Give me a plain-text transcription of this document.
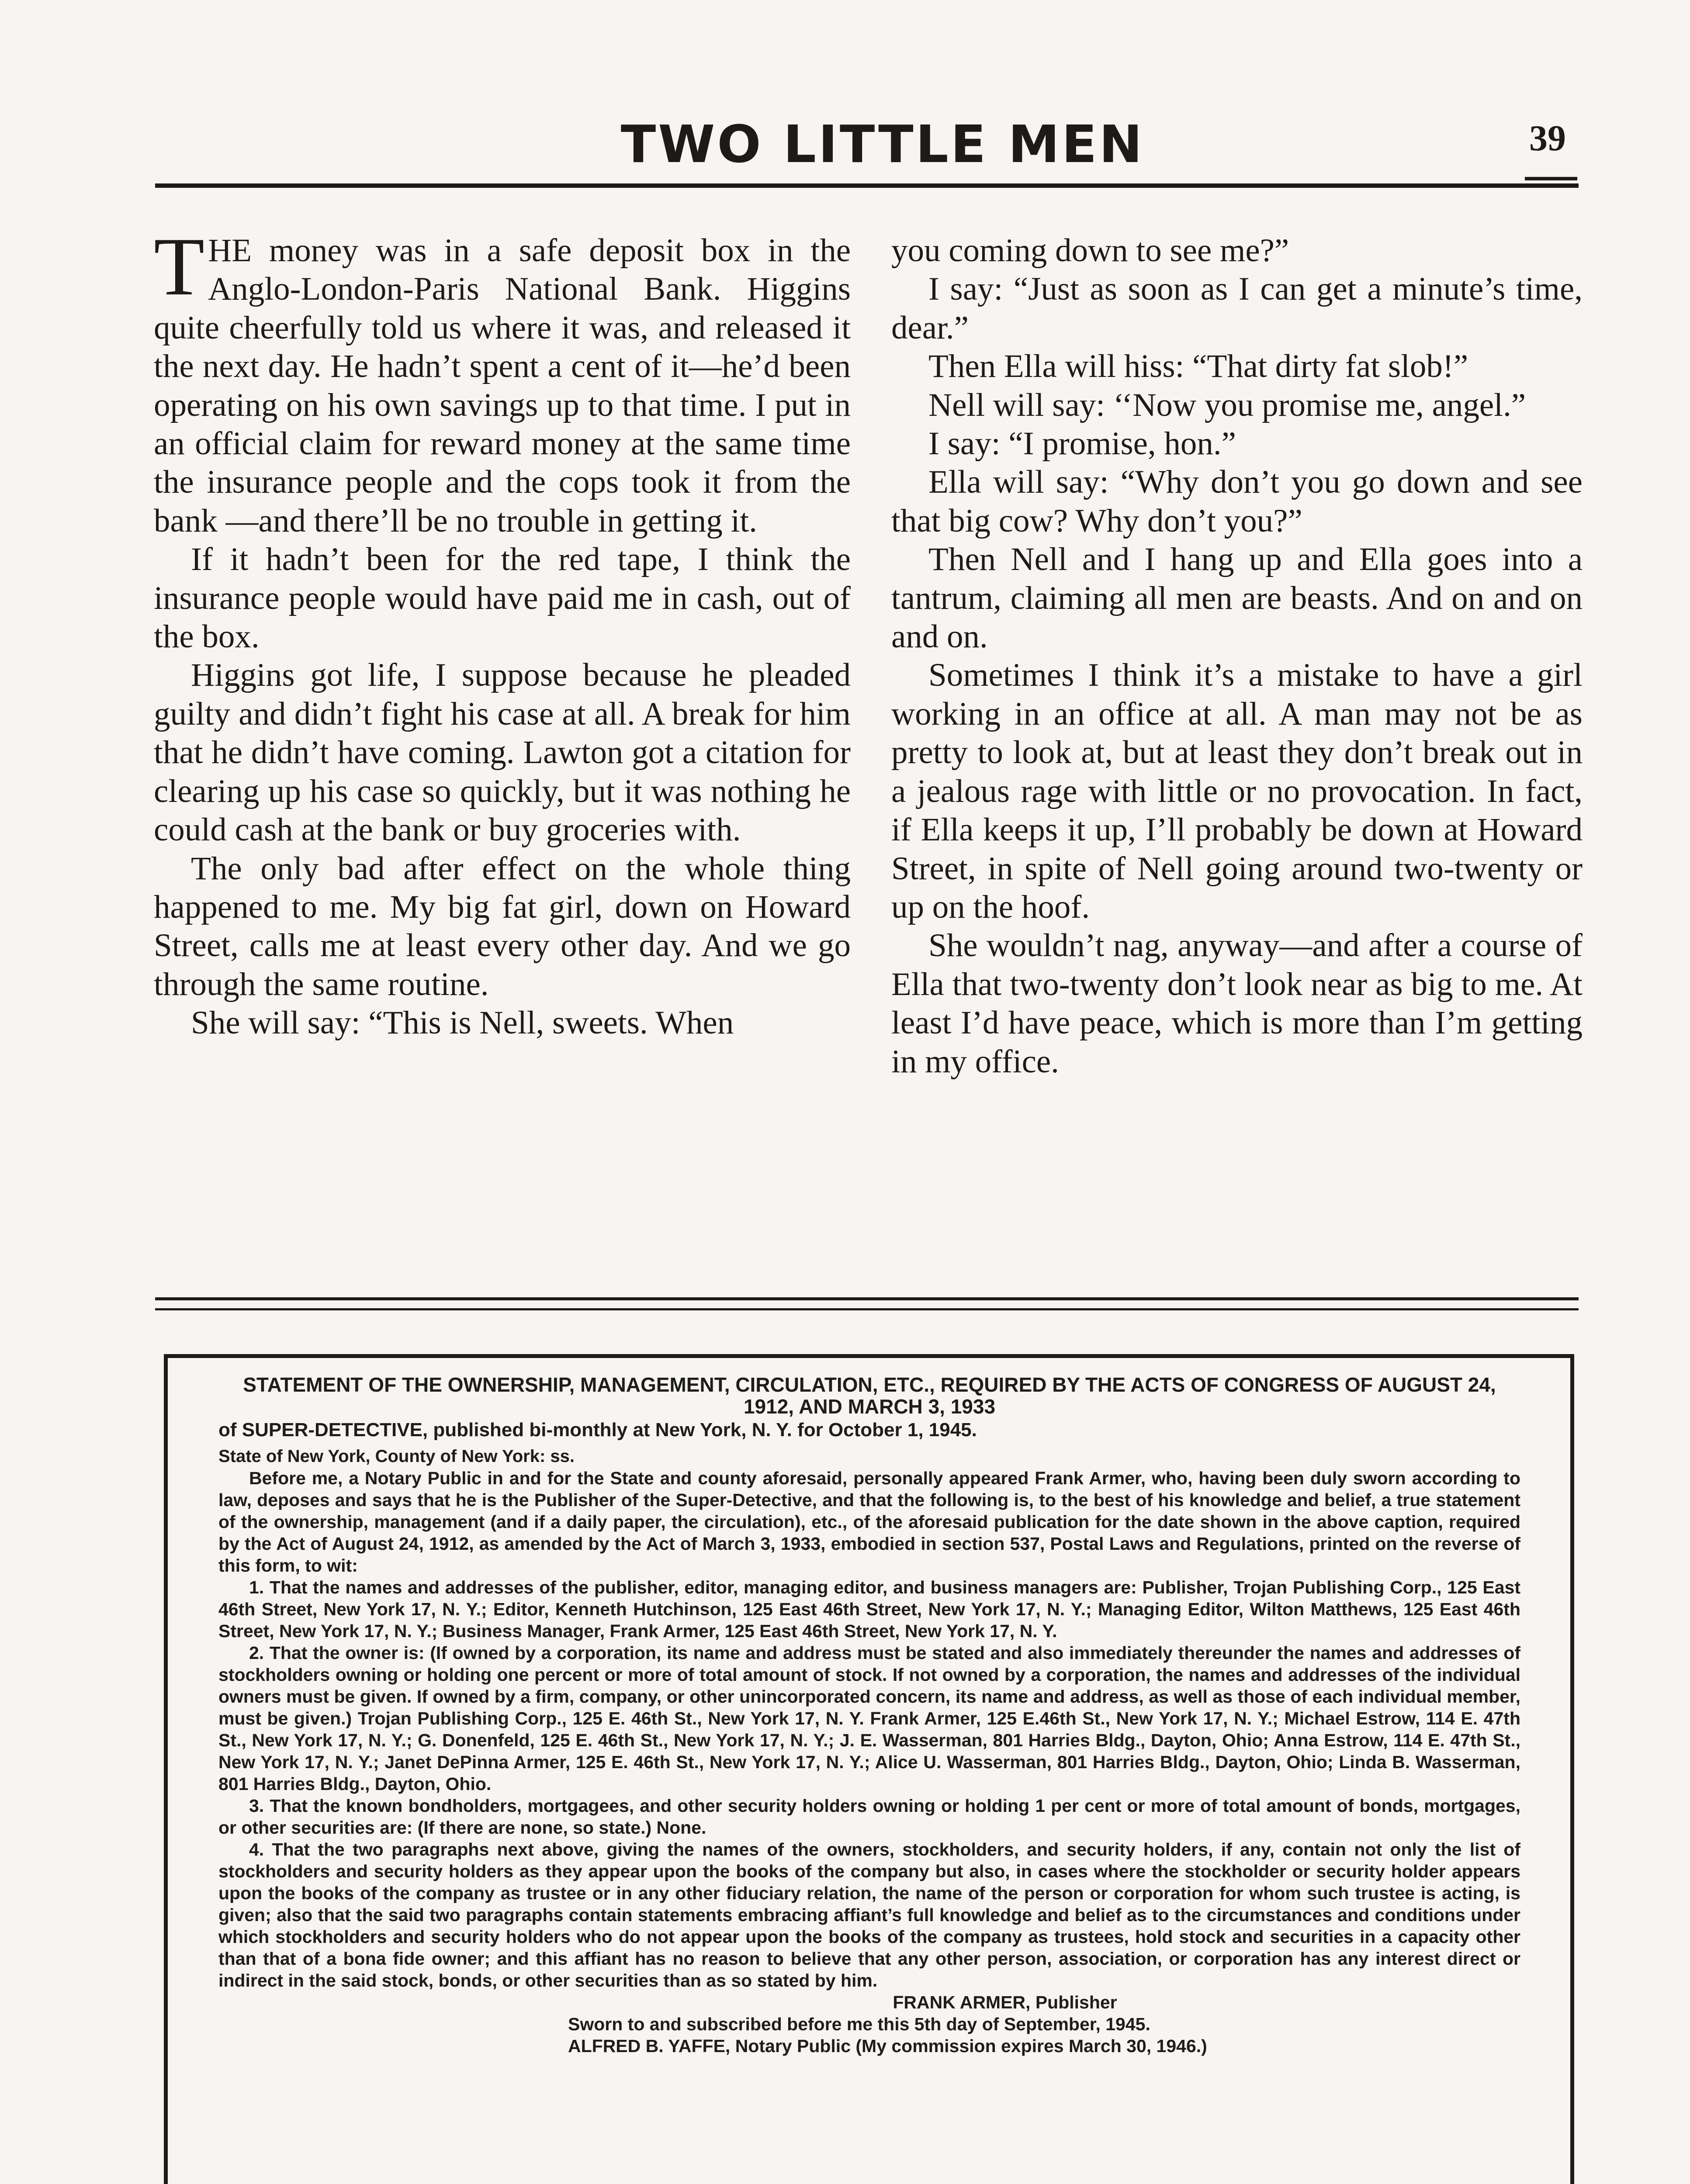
TWO LITTLE MEN	39

THE money was in a safe deposit box in the Anglo-London-Paris National Bank. Higgins quite cheerfully told us where it was, and released it the next day. He hadn’t spent a cent of it—he’d been operating on his own savings up to that time. I put in an official claim for reward money at the same time the insurance people and the cops took it from the bank —and there’ll be no trouble in getting it.

If it hadn’t been for the red tape, I think the insurance people would have paid me in cash, out of the box.

Higgins got life, I suppose because he pleaded guilty and didn’t fight his case at all. A break for him that he didn’t have coming. Lawton got a citation for clearing up his case so quickly, but it was nothing he could cash at the bank or buy groceries with.

The only bad after effect on the whole thing happened to me. My big fat girl, down on Howard Street, calls me at least every other day. And we go through the same routine.

She will say: “This is Nell, sweets. When

you coming down to see me?”

I say: “Just as soon as I can get a minute’s time, dear.”

Then Ella will hiss: “That dirty fat slob!”

Nell will say: ‘‘Now you promise me, angel.”

I say: “I promise, hon.”

Ella will say: “Why don’t you go down and see that big cow? Why don’t you?”

Then Nell and I hang up and Ella goes into a tantrum, claiming all men are beasts. And on and on and on.

Sometimes I think it’s a mistake to have a girl working in an office at all. A man may not be as pretty to look at, but at least they don’t break out in a jealous rage with little or no provocation. In fact, if Ella keeps it up, I’ll probably be down at Howard Street, in spite of Nell going around two-twenty or up on the hoof.

She wouldn’t nag, anyway—and after a course of Ella that two-twenty don’t look near as big to me. At least I’d have peace, which is more than I’m getting in my office.

STATEMENT OF THE OWNERSHIP, MANAGEMENT, CIRCULATION, ETC., REQUIRED BY THE ACTS OF CONGRESS OF AUGUST 24, 1912, AND MARCH 3, 1933

of SUPER-DETECTIVE, published bi-monthly at New York, N. Y. for October 1, 1945.

State of New York, County of New York: ss.

Before me, a Notary Public in and for the State and county aforesaid, personally appeared Frank Armer, who, having been duly sworn according to law, deposes and says that he is the Publisher of the Super-Detective, and that the following is, to the best of his knowledge and belief, a true statement of the ownership, management (and if a daily paper, the circulation), etc., of the aforesaid publication for the date shown in the above caption, required by the Act of August 24, 1912, as amended by the Act of March 3, 1933, embodied in section 537, Postal Laws and Regulations, printed on the reverse of this form, to wit:

1. That the names and addresses of the publisher, editor, managing editor, and business managers are: Publisher, Trojan Publishing Corp., 125 East 46th Street, New York 17, N. Y.; Editor, Kenneth Hutchinson, 125 East 46th Street, New York 17, N. Y.; Managing Editor, Wilton Matthews, 125 East 46th Street, New York 17, N. Y.; Business Manager, Frank Armer, 125 East 46th Street, New York 17, N. Y.

2. That the owner is: (If owned by a corporation, its name and address must be stated and also immediately thereunder the names and addresses of stockholders owning or holding one percent or more of total amount of stock. If not owned by a corporation, the names and addresses of the individual owners must be given. If owned by a firm, company, or other unincorporated concern, its name and address, as well as those of each individual member, must be given.) Trojan Publishing Corp., 125 E. 46th St., New York 17, N. Y. Frank Armer, 125 E.46th St., New York 17, N. Y.; Michael Estrow, 114 E. 47th St., New York 17, N. Y.; G. Donenfeld, 125 E. 46th St., New York 17, N. Y.; J. E. Wasserman, 801 Harries Bldg., Dayton, Ohio; Anna Estrow, 114 E. 47th St., New York 17, N. Y.; Janet DePinna Armer, 125 E. 46th St., New York 17, N. Y.; Alice U. Wasserman, 801 Harries Bldg., Dayton, Ohio; Linda B. Wasserman, 801 Harries Bldg., Dayton, Ohio.

3. That the known bondholders, mortgagees, and other security holders owning or holding 1 per cent or more of total amount of bonds, mortgages, or other securities are: (If there are none, so state.) None.

4. That the two paragraphs next above, giving the names of the owners, stockholders, and security holders, if any, contain not only the list of stockholders and security holders as they appear upon the books of the company but also, in cases where the stockholder or security holder appears upon the books of the company as trustee or in any other fiduciary relation, the name of the person or corporation for whom such trustee is acting, is given; also that the said two paragraphs contain statements embracing affiant’s full knowledge and belief as to the circumstances and conditions under which stockholders and security holders who do not appear upon the books of the company as trustees, hold stock and securities in a capacity other than that of a bona fide owner; and this affiant has no reason to believe that any other person, association, or corporation has any interest direct or indirect in the said stock, bonds, or other securities than as so stated by him.

FRANK ARMER, Publisher

Sworn to and subscribed before me this 5th day of September, 1945.

ALFRED B. YAFFE, Notary Public (My commission expires March 30, 1946.)
